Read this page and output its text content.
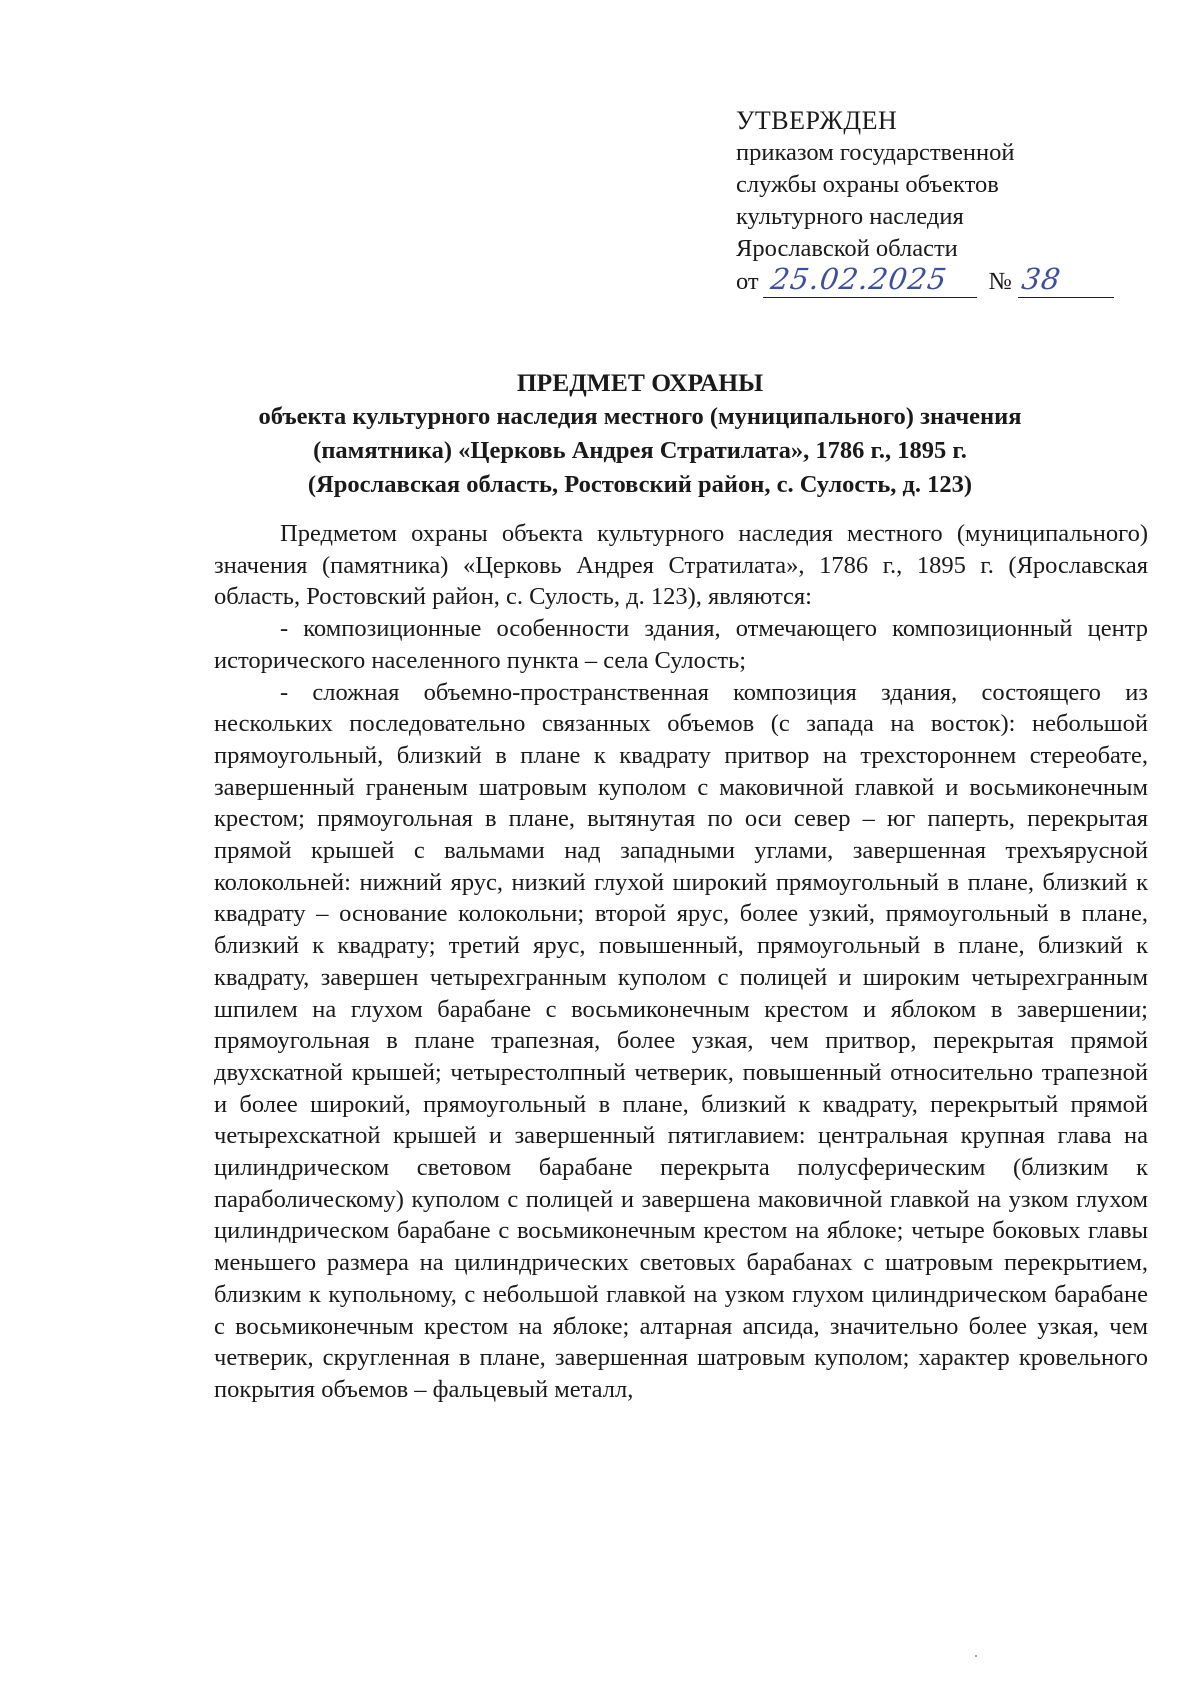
УТВЕРЖДЕН
приказом государственной
службы охраны объектов
культурного наследия
Ярославской области
от 25.02.2025 № 38
ПРЕДМЕТ ОХРАНЫ
объекта культурного наследия местного (муниципального) значения
(памятника) «Церковь Андрея Стратилата», 1786 г., 1895 г.
(Ярославская область, Ростовский район, с. Сулость, д. 123)

Предметом охраны объекта культурного наследия местного (муниципального) значения (памятника) «Церковь Андрея Стратилата», 1786 г., 1895 г. (Ярославская область, Ростовский район, с. Сулость, д. 123), являются:

- композиционные особенности здания, отмечающего композиционный центр исторического населенного пункта – села Сулость;

- сложная объемно-пространственная композиция здания, состоящего из нескольких последовательно связанных объемов (с запада на восток): небольшой прямоугольный, близкий в плане к квадрату притвор на трехстороннем стереобате, завершенный граненым шатровым куполом с маковичной главкой и восьмиконечным крестом; прямоугольная в плане, вытянутая по оси север – юг паперть, перекрытая прямой крышей с вальмами над западными углами, завершенная трехъярусной колокольней: нижний ярус, низкий глухой широкий прямоугольный в плане, близкий к квадрату – основание колокольни; второй ярус, более узкий, прямоугольный в плане, близкий к квадрату; третий ярус, повышенный, прямоугольный в плане, близкий к квадрату, завершен четырехгранным куполом с полицей и широким четырехгранным шпилем на глухом барабане с восьмиконечным крестом и яблоком в завершении; прямоугольная в плане трапезная, более узкая, чем притвор, перекрытая прямой двухскатной крышей; четырестолпный четверик, повышенный относительно трапезной и более широкий, прямоугольный в плане, близкий к квадрату, перекрытый прямой четырехскатной крышей и завершенный пятиглавием: центральная крупная глава на цилиндрическом световом барабане перекрыта полусферическим (близким к параболическому) куполом с полицей и завершена маковичной главкой на узком глухом цилиндрическом барабане с восьмиконечным крестом на яблоке; четыре боковых главы меньшего размера на цилиндрических световых барабанах с шатровым перекрытием, близким к купольному, с небольшой главкой на узком глухом цилиндрическом барабане с восьмиконечным крестом на яблоке; алтарная апсида, значительно более узкая, чем четверик, скругленная в плане, завершенная шатровым куполом; характер кровельного покрытия объемов – фальцевый металл,
